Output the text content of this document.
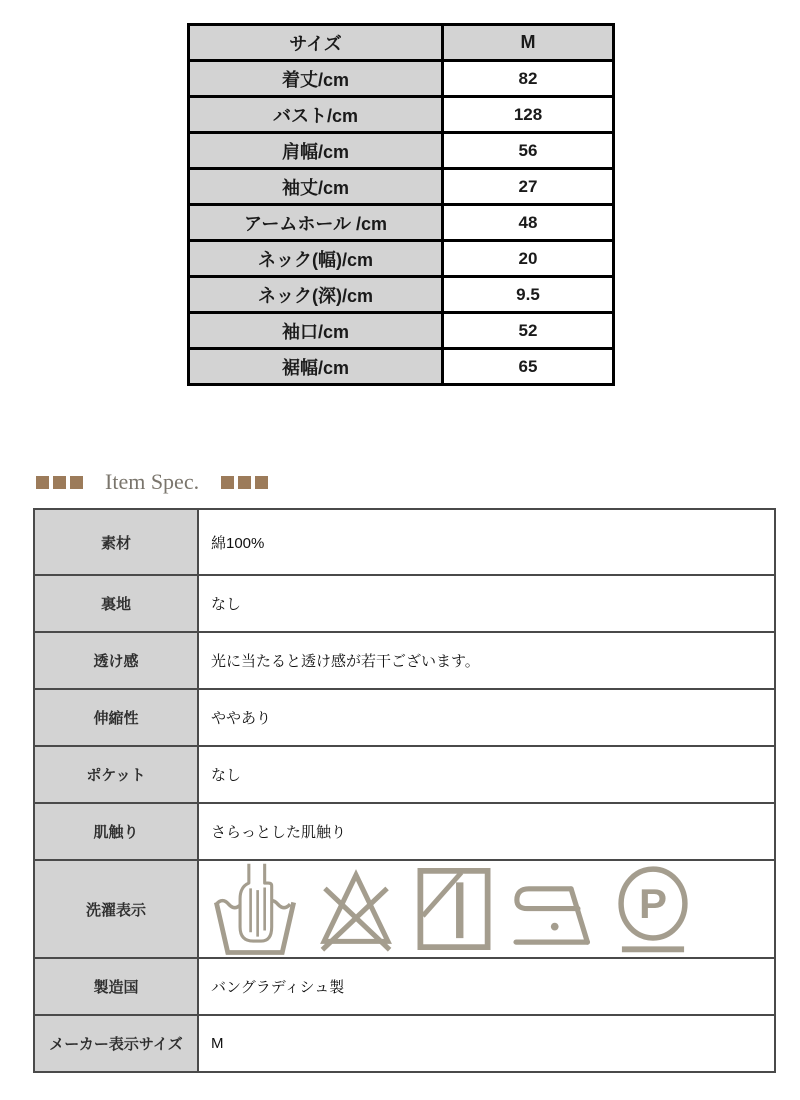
サイズ	M
着丈/cm	82
バスト/cm	128
肩幅/cm	56
袖丈/cm	27
アームホール /cm	48
ネック(幅)/cm	20
ネック(深)/cm	9.5
袖口/cm	52
裾幅/cm	65
Item Spec.
素材	綿100%
裏地	なし
透け感	光に当たると透け感が若干ございます。
伸縮性	ややあり
ポケット	なし
肌触り	さらっとした肌触り
洗濯表示	P

製造国	バングラディシュ製
メーカー表示サイズ	M
